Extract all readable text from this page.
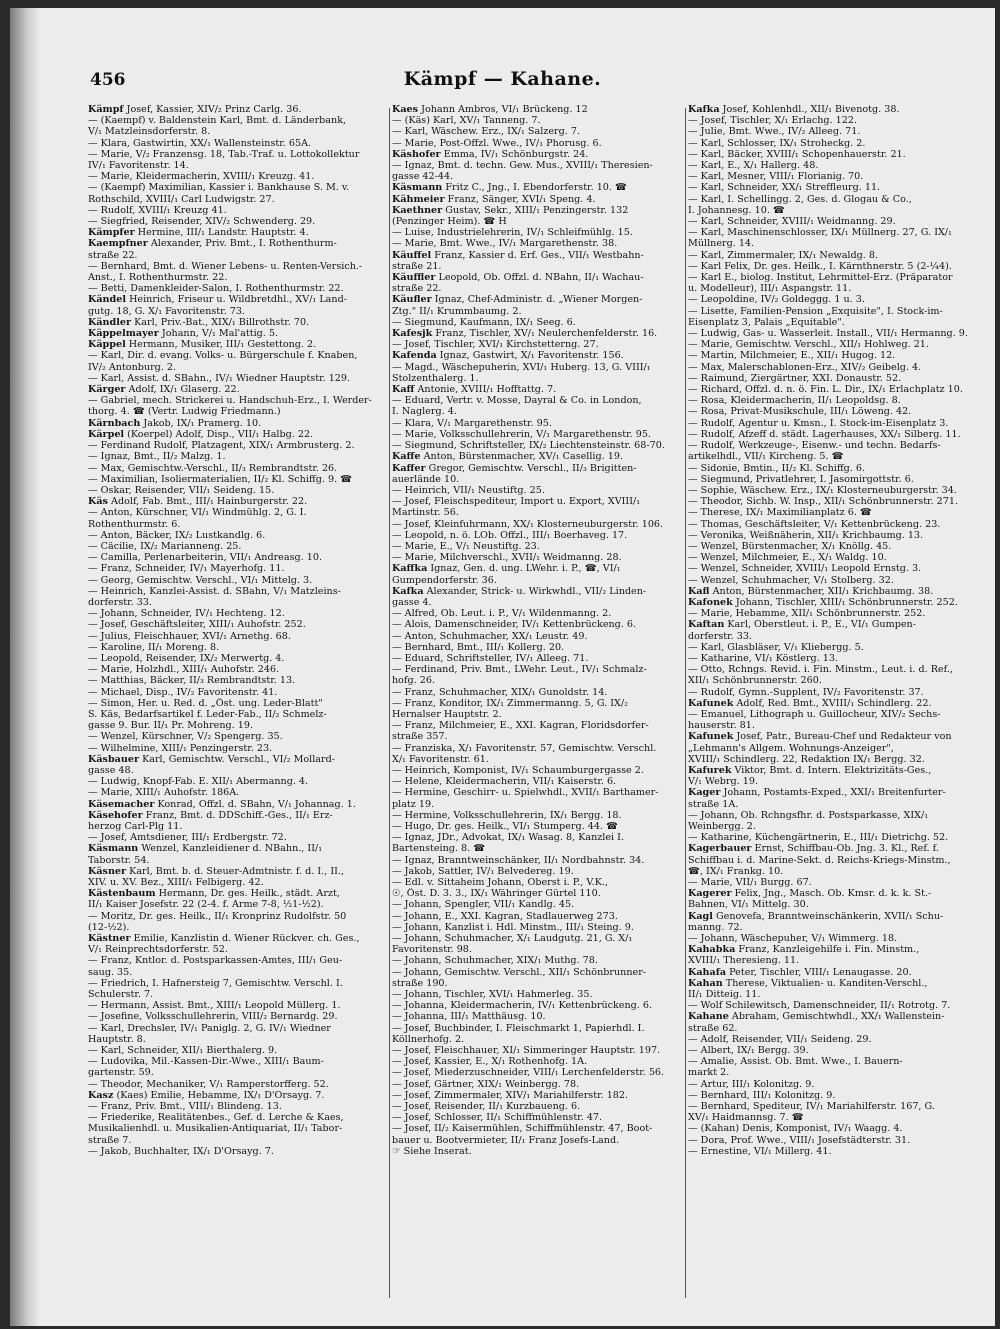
456	Kämpf — Kahane.

Kämpf Josef, Kassier, XIV/₂ Prinz Carlg. 36.

— (Kaempf) v. Baldenstein Karl, Bmt. d. Länderbank,

V/₁ Matzleinsdorferstr. 8.

— Klara, Gastwirtin, XX/₁ Wallensteinstr. 65A.

— Marie, V/₂ Franzensg. 18, Tab.-Traf. u. Lottokollektur

IV/₁ Favoritenstr. 14.

— Marie, Kleidermacherin, XVIII/₁ Kreuzg. 41.

— (Kaempf) Maximilian, Kassier i. Bankhause S. M. v.

Rothschild, XVIII/₁ Carl Ludwigstr. 27.

— Rudolf, XVIII/₁ Kreuzg 41.

— Siegfried, Reisender, XIV/₂ Schwenderg. 29.

Kämpfer Hermine, III/₁ Landstr. Hauptstr. 4.

Kaempfner Alexander, Priv. Bmt., I. Rothenthurm-

straße 22.

— Bernhard, Bmt. d. Wiener Lebens- u. Renten-Versich.-

Anst., I. Rothenthurmstr. 22.

— Betti, Damenkleider-Salon, I. Rothenthurmstr. 22.

Kändel Heinrich, Friseur u. Wildbretdhl., XV/₁ Land-

gutg. 18, G. X/₁ Favoritenstr. 73.

Kändler Karl, Priv.-Bat., XIX/₁ Billrothstr. 70.

Käppelmayer Johann, V/₁ Mal'attig. 5.

Käppel Hermann, Musiker, III/₁ Gestettong. 2.

— Karl, Dir. d. evang. Volks- u. Bürgerschule f. Knaben,

IV/₂ Antonburg. 2.

— Karl, Assist. d. SBahn., IV/₁ Wiedner Hauptstr. 129.

Kärger Adolf, IX/₁ Glaserg. 22.

— Gabriel, mech. Strickerei u. Handschuh-Erz., I. Werder-

thorg. 4. ☎ (Vertr. Ludwig Friedmann.)

Kärnbach Jakob, IX/₁ Pramerg. 10.

Kärpel (Koerpel) Adolf, Disp., VII/₁ Halbg. 22.

— Ferdinand Rudolf, Platzagent, XIX/₁ Armbrusterg. 2.

— Ignaz, Bmt., II/₂ Malzg. 1.

— Max, Gemischtw.-Verschl., II/₃ Rembrandtstr. 26.

— Maximilian, Isoliermaterialien, II/₂ Kl. Schiffg. 9. ☎

— Oskar, Reisender, VII/₁ Seideng. 15.

Käs Adolf, Fab. Bmt., III/₁ Hainburgerstr. 22.

— Anton, Kürschner, VI/₁ Windmühlg. 2, G. I.

Rothenthurmstr. 6.

— Anton, Bäcker, IX/₂ Lustkandlg. 6.

— Cäcilie, IX/₂ Marianneng. 25.

— Camilla, Perlenarbeiterin, VII/₁ Andreasg. 10.

— Franz, Schneider, IV/₁ Mayerhofg. 11.

— Georg, Gemischtw. Verschl., VI/₁ Mittelg. 3.

— Heinrich, Kanzlei-Assist. d. SBahn, V/₁ Matzleins-

dorferstr. 33.

— Johann, Schneider, IV/₁ Hechteng. 12.

— Josef, Geschäftsleiter, XIII/₁ Auhofstr. 252.

— Julius, Fleischhauer, XVI/₁ Arnethg. 68.

— Karoline, II/₁ Moreng. 8.

— Leopold, Reisender, IX/₂ Merwertg. 4.

— Marie, Holzhdl., XIII/₁ Auhofstr. 246.

— Matthias, Bäcker, II/₃ Rembrandtstr. 13.

— Michael, Disp., IV/₂ Favoritenstr. 41.

— Simon, Her. u. Red. d. „Öst. ung. Leder-Blatt"

S. Käs, Bedarfsartikel f. Leder-Fab., II/₂ Schmelz-

gasse 9. Bur. II/₁ Pr. Mohreng. 19.

— Wenzel, Kürschner, V/₂ Spengerg. 35.

— Wilhelmine, XIII/₁ Penzingerstr. 23.

Käsbauer Karl, Gemischtw. Verschl., VI/₂ Mollard-

gasse 48.

— Ludwig, Knopf-Fab. E. XII/₁ Abermanng. 4.

— Marie, XIII/₁ Auhofstr. 186A.

Käsemacher Konrad, Offzl. d. SBahn, V/₁ Johannag. 1.

Käsehofer Franz, Bmt. d. DDSchiff.-Ges., II/₁ Erz-

herzog Carl-Plg 11.

— Josef, Amtsdiener, III/₁ Erdbergstr. 72.

Käsmann Wenzel, Kanzleidiener d. NBahn., II/₁

Taborstr. 54.

Käsner Karl, Bmt. b. d. Steuer-Admtnistr. f. d. I., II.,

XIV. u. XV. Bez., XIII/₁ Felbigerg. 42.

Kästenbaum Hermann, Dr. ges. Heilk., städt. Arzt,

II/₁ Kaiser Josefstr. 22 (2-4. f. Arme 7-8, ½1-½2).

— Moritz, Dr. ges. Heilk., II/₁ Kronprinz Rudolfstr. 50

(12-½2).

Kästner Emilie, Kanzlistin d. Wiener Rückver. ch. Ges.,

V/₁ Reinprechtsdorferstr. 52.

— Franz, Kntlor. d. Postsparkassen-Amtes, III/₁ Geu-

saug. 35.

— Friedrich, I. Hafnersteig 7, Gemischtw. Verschl. I.

Schulerstr. 7.

— Hermann, Assist. Bmt., XIII/₁ Leopold Müllerg. 1.

— Josefine, Volksschullehrerin, VIII/₂ Bernardg. 29.

— Karl, Drechsler, IV/₁ Paniglg. 2, G. IV/₁ Wiedner

Hauptstr. 8.

— Karl, Schneider, XII/₁ Bierthalerg. 9.

— Ludovika, Mil.-Kassen-Dir.-Wwe., XIII/₁ Baum-

gartenstr. 59.

— Theodor, Mechaniker, V/₁ Ramperstorfferg. 52.

Kasz (Kaes) Emilie, Hebamme, IX/₁ D'Orsayg. 7.

— Franz, Priv. Bmt., VIII/₁ Blindeng. 13.

— Friederike, Realitätenbes., Gef. d. Lerche & Kaes,

Musikalienhdl. u. Musikalien-Antiquariat, II/₁ Tabor-

straße 7.

— Jakob, Buchhalter, IX/₁ D'Orsayg. 7.

Kaes Johann Ambros, VI/₁ Brückeng. 12

— (Käs) Karl, XV/₁ Tanneng. 7.

— Karl, Wäschew. Erz., IX/₁ Salzerg. 7.

— Marie, Post-Offzl. Wwe., IV/₁ Phorusg. 6.

Käshofer Emma, IV/₁ Schönburgstr. 24.

— Ignaz, Bmt. d. techn. Gew. Mus., XVIII/₁ Theresien-

gasse 42-44.

Käsmann Fritz C., Jng., I. Ebendorferstr. 10. ☎

Kähmeier Franz, Sänger, XVI/₁ Speng. 4.

Kaethner Gustav, Sekr., XIII/₁ Penzingerstr. 132

(Penzinger Heim). ☎ H

— Luise, Industrielehrerin, IV/₁ Schleifmühlg. 15.

— Marie, Bmt. Wwe., IV/₁ Margarethenstr. 38.

Käuffel Franz, Kassier d. Erf. Ges., VII/₁ Westbahn-

straße 21.

Käuffler Leopold, Ob. Offzl. d. NBahn, II/₁ Wachau-

straße 22.

Käufler Ignaz, Chef-Administr. d. „Wiener Morgen-

Ztg." II/₁ Krummbaumg. 2.

— Siegmund, Kaufmann, IX/₁ Seeg. 6.

Kafesjk Franz, Tischler, XV/₁ Neulerchenfelderstr. 16.

— Josef, Tischler, XVI/₁ Kirchstetterng. 27.

Kafenda Ignaz, Gastwirt, X/₁ Favoritenstr. 156.

— Magd., Wäschepuherin, XVI/₁ Huberg. 13, G. VIII/₁

Stolzenthalerg. 1.

Kaff Antonie, XVIII/₁ Hofftattg. 7.

— Eduard, Vertr. v. Mosse, Dayral & Co. in London,

I. Naglerg. 4.

— Klara, V/₁ Margarethenstr. 95.

— Marie, Volksschullehrerin, V/₁ Margarethenstr. 95.

— Siegmund, Schriftsteller, IX/₂ Liechtensteinstr. 68-70.

Kaffe Anton, Bürstenmacher, XV/₁ Casellig. 19.

Kaffer Gregor, Gemischtw. Verschl., II/₃ Brigitten-

auerlände 10.

— Heinrich, VII/₁ Neustiftg. 25.

— Josef, Fleischspediteur, Import u. Export, XVIII/₁

Martinstr. 56.

— Josef, Kleinfuhrmann, XX/₁ Klosterneuburgerstr. 106.

— Leopold, n. ö. LOb. Offzl., III/₁ Boerhaveg. 17.

— Marie, E., V/₁ Neustiftg. 23.

— Marie, Milchverschl., XVII/₁ Weidmanng. 28.

Kaffka Ignaz, Gen. d. ung. LWehr. i. P., ☎, VI/₁

Gumpendorferstr. 36.

Kafka Alexander, Strick- u. Wirkwhdl., VII/₂ Linden-

gasse 4.

— Alfred, Ob. Leut. i. P., V/₁ Wildenmanng. 2.

— Alois, Damenschneider, IV/₁ Kettenbrückeng. 6.

— Anton, Schuhmacher, XX/₁ Leustr. 49.

— Bernhard, Bmt., III/₁ Kollerg. 20.

— Eduard, Schriftsteller, IV/₁ Alleeg. 71.

— Ferdinand, Priv. Bmt., LWehr. Leut., IV/₁ Schmalz-

hofg. 26.

— Franz, Schuhmacher, XIX/₁ Gunoldstr. 14.

— Franz, Konditor, IX/₁ Zimmermanng. 5, G. IX/₂

Hernalser Hauptstr. 2.

— Franz, Milchmeier, E., XXI. Kagran, Floridsdorfer-

straße 357.

— Franziska, X/₁ Favoritenstr. 57, Gemischtw. Verschl.

X/₁ Favoritenstr. 61.

— Heinrich, Komponist, IV/₁ Schaumburgergasse 2.

— Helene, Kleidermacherin, VII/₁ Kaiserstr. 6.

— Hermine, Geschirr- u. Spielwhdl., XVII/₁ Barthamer-

platz 19.

— Hermine, Volksschullehrerin, IX/₁ Bergg. 18.

— Hugo, Dr. ges. Heilk., VI/₁ Stumperg. 44. ☎

— Ignaz, JDr., Advokat, IX/₁ Wasag. 8, Kanzlei I.

Bartensteing. 8. ☎

— Ignaz, Branntweinschänker, II/₁ Nordbahnstr. 34.

— Jakob, Sattler, IV/₁ Belvedereg. 19.

— Edl. v. Sittaheim Johann, Oberst i. P., V.K.,

☉, Öst. D. 3. 3., IX/₁ Währinger Gürtel 110.

— Johann, Spengler, VII/₁ Kandlg. 45.

— Johann, E., XXI. Kagran, Stadlauerweg 273.

— Johann, Kanzlist i. Hdl. Minstm., III/₁ Steing. 9.

— Johann, Schuhmacher, X/₁ Laudgutg. 21, G. X/₁

Favoritenstr. 98.

— Johann, Schuhmacher, XIX/₁ Muthg. 78.

— Johann, Gemischtw. Verschl., XII/₁ Schönbrunner-

straße 190.

— Johann, Tischler, XVI/₁ Hahmerleg. 35.

— Johanna, Kleidermacherin, IV/₁ Kettenbrückeng. 6.

— Johanna, III/₁ Matthäusg. 10.

— Josef, Buchbinder, I. Fleischmarkt 1, Papierhdl. I.

Köllnerhofg. 2.

— Josef, Fleischhauer, XI/₁ Simmeringer Hauptstr. 197.

— Josef, Kassier, E., X/₁ Rothenhofg. 1A.

— Josef, Miederzuschneider, VIII/₁ Lerchenfelderstr. 56.

— Josef, Gärtner, XIX/₁ Weinbergg. 78.

— Josef, Zimmermaler, XIV/₁ Mariahilferstr. 182.

— Josef, Reisender, II/₁ Kurzbaueng. 6.

— Josef, Schlosser, II/₁ Schiffmühlenstr. 47.

— Josef, II/₂ Kaisermühlen, Schiffmühlenstr. 47, Boot-

bauer u. Bootvermieter, II/₁ Franz Josefs-Land.

☞ Siehe Inserat.

Kafka Josef, Kohlenhdl., XII/₁ Bivenotg. 38.

— Josef, Tischler, X/₁ Erlachg. 122.

— Julie, Bmt. Wwe., IV/₂ Alleeg. 71.

— Karl, Schlosser, IX/₁ Stroheckg. 2.

— Karl, Bäcker, XVIII/₁ Schopenhauerstr. 21.

— Karl, E., X/₁ Hallerg. 48.

— Karl, Mesner, VIII/₁ Florianig. 70.

— Karl, Schneider, XX/₁ Streffleurg. 11.

— Karl, I. Schellingg. 2, Ges. d. Glogau & Co.,

I. Johannesg. 10. ☎

— Karl, Schneider, XVIII/₁ Weidmanng. 29.

— Karl, Maschinenschlosser, IX/₁ Müllnerg. 27, G. IX/₁

Müllnerg. 14.

— Karl, Zimmermaler, IX/₁ Newaldg. 8.

— Karl Felix, Dr. ges. Heilk., I. Kärnthnerstr. 5 (2-¼4).

— Karl E., biolog. Institut, Lehrmittel-Erz. (Präparator

u. Modelleur), III/₁ Aspangstr. 11.

— Leopoldine, IV/₂ Goldeggg. 1 u. 3.

— Lisette, Familien-Pension „Exquisite", I. Stock-im-

Eisenplatz 3, Palais „Equitable".

— Ludwig, Gas- u. Wasserleit. Install., VII/₁ Hermanng. 9.

— Marie, Gemischtw. Verschl., XII/₁ Hohlweg. 21.

— Martin, Milchmeier, E., XII/₁ Hugog. 12.

— Max, Malerschablonen-Erz., XIV/₂ Geibelg. 4.

— Raimund, Ziergärtner, XXI. Donaustr. 52.

— Richard, Offzl. d. n. ö. Fin. L. Dir., IX/₁ Erlachplatz 10.

— Rosa, Kleidermacherin, II/₁ Leopoldsg. 8.

— Rosa, Privat-Musikschule, III/₁ Löweng. 42.

— Rudolf, Agentur u. Kmsn., I. Stock-im-Eisenplatz 3.

— Rudolf, Afzeff d. städt. Lagerhauses, XX/₁ Silberg. 11.

— Rudolf, Werkzeuge-, Eisenw.- und techn. Bedarfs-

artikelhdl., VII/₁ Kircheng. 5. ☎

— Sidonie, Bmtin., II/₂ Kl. Schiffg. 6.

— Siegmund, Privatlehrer, I. Jasomirgottstr. 6.

— Sophie, Wäschew. Erz., IX/₁ Klosterneuburgerstr. 34.

— Theodor, Sichb. W. Insp., XII/₁ Schönbrunnerstr. 271.

— Therese, IX/₁ Maximilianplatz 6. ☎

— Thomas, Geschäftsleiter, V/₁ Kettenbrückeng. 23.

— Veronika, Weißnäherin, XII/₁ Krichbaumg. 13.

— Wenzel, Bürstenmacher, X/₁ Knöllg. 45.

— Wenzel, Milchmeier, E., X/₁ Waldg. 10.

— Wenzel, Schneider, XVIII/₁ Leopold Ernstg. 3.

— Wenzel, Schuhmacher, V/₁ Stolberg. 32.

Kafl Anton, Bürstenmacher, XII/₁ Krichbaumg. 38.

Kafonek Johann, Tischler, XIII/₁ Schönbrunnerstr. 252.

— Marie, Hebamme, XII/₁ Schönbrunnerstr. 252.

Kaftan Karl, Oberstleut. i. P., E., VI/₁ Gumpen-

dorferstr. 33.

— Karl, Glasbläser, V/₁ Kliebergg. 5.

— Katharine, VI/₁ Köstlerg. 13.

— Otto, Rchngs. Revid. i. Fin. Minstm., Leut. i. d. Ref.,

XII/₁ Schönbrunnerstr. 260.

— Rudolf, Gymn.-Supplent, IV/₂ Favoritenstr. 37.

Kafunek Adolf, Red. Bmt., XVIII/₁ Schindlerg. 22.

— Emanuel, Lithograph u. Guillocheur, XIV/₂ Sechs-

hauserstr. 81.

Kafunek Josef, Patr., Bureau-Chef und Redakteur von

„Lehmann's Allgem. Wohnungs-Anzeiger",

XVIII/₁ Schindlerg. 22, Redaktion IX/₁ Bergg. 32.

Kafurek Viktor, Bmt. d. Intern. Elektrizitäts-Ges.,

V/₁ Webrg. 19.

Kager Johann, Postamts-Exped., XXI/₁ Breitenfurter-

straße 1A.

— Johann, Ob. Rchngsfhr. d. Postsparkasse, XIX/₁

Weinbergg. 2.

— Katharine, Küchengärtnerin, E., III/₁ Dietrichg. 52.

Kagerbauer Ernst, Schiffbau-Ob. Jng. 3. Kl., Ref. f.

Schiffbau i. d. Marine-Sekt. d. Reichs-Kriegs-Minstm.,

☎, IX/₁ Frankg. 10.

— Marie, VII/₁ Burgg. 67.

Kagerer Felix, Jng., Masch. Ob. Kmsr. d. k. k. St.-

Bahnen, VI/₁ Mittelg. 30.

Kagl Genovefa, Branntweinschänkerin, XVII/₁ Schu-

manng. 72.

— Johann, Wäschepuher, V/₁ Wimmerg. 18.

Kahabka Franz, Kanzleigehilfe i. Fin. Minstm.,

XVIII/₁ Theresieng. 11.

Kahafa Peter, Tischler, VIII/₁ Lenaugasse. 20.

Kahan Therese, Viktualien- u. Kanditen-Verschl.,

II/₁ Ditteig. 11.

— Wolf Schilewitsch, Damenschneider, II/₁ Rotrotg. 7.

Kahane Abraham, Gemischtwhdl., XX/₁ Wallenstein-

straße 62.

— Adolf, Reisender, VII/₁ Seideng. 29.

— Albert, IX/₁ Bergg. 39.

— Amalie, Assist. Ob. Bmt. Wwe., I. Bauern-

markt 2.

— Artur, III/₁ Kolonitzg. 9.

— Bernhard, III/₁ Kolonitzg. 9.

— Bernhard, Spediteur, IV/₁ Mariahilferstr. 167, G.

XV/₁ Haidmannsg. 7. ☎

— (Kahan) Denis, Komponist, IV/₁ Waagg. 4.

— Dora, Prof. Wwe., VIII/₁ Josefstädterstr. 31.

— Ernestine, VI/₁ Millerg. 41.
